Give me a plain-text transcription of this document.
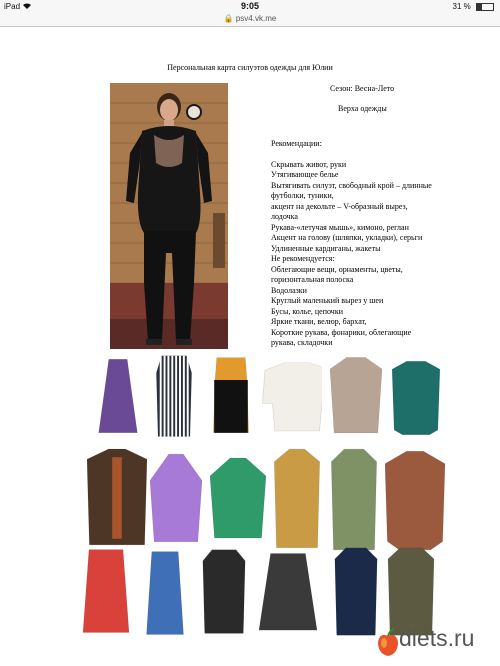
iPad	9:05	31 %
🔒 psv4.vk.me
Персональная карта силуэтов одежды для Юлии
Сезон: Весна-Лето
Верха одежды
Рекомендации:
Скрывать живот, руки
Утягивающее белье
Вытягивать силуэт, свободный крой – длинные
футболки, туники,
акцент на декольте – V-образный вырез,
лодочка
Рукава-«летучая мышь», кимоно, реглан
Акцент на голову (шляпки, укладки), серьги
Удлиненные кардиганы, жакеты
Не рекомендуется:
Облегающие вещи, орнаменты, цветы,
горизонтальная полоска
Водолазки
Круглый маленький вырез у шеи
Бусы, колье, цепочки
Яркие ткани, велюр, бархат,
Короткие рукава, фонарики, облегающие
рукава, складочки
diets.ru
